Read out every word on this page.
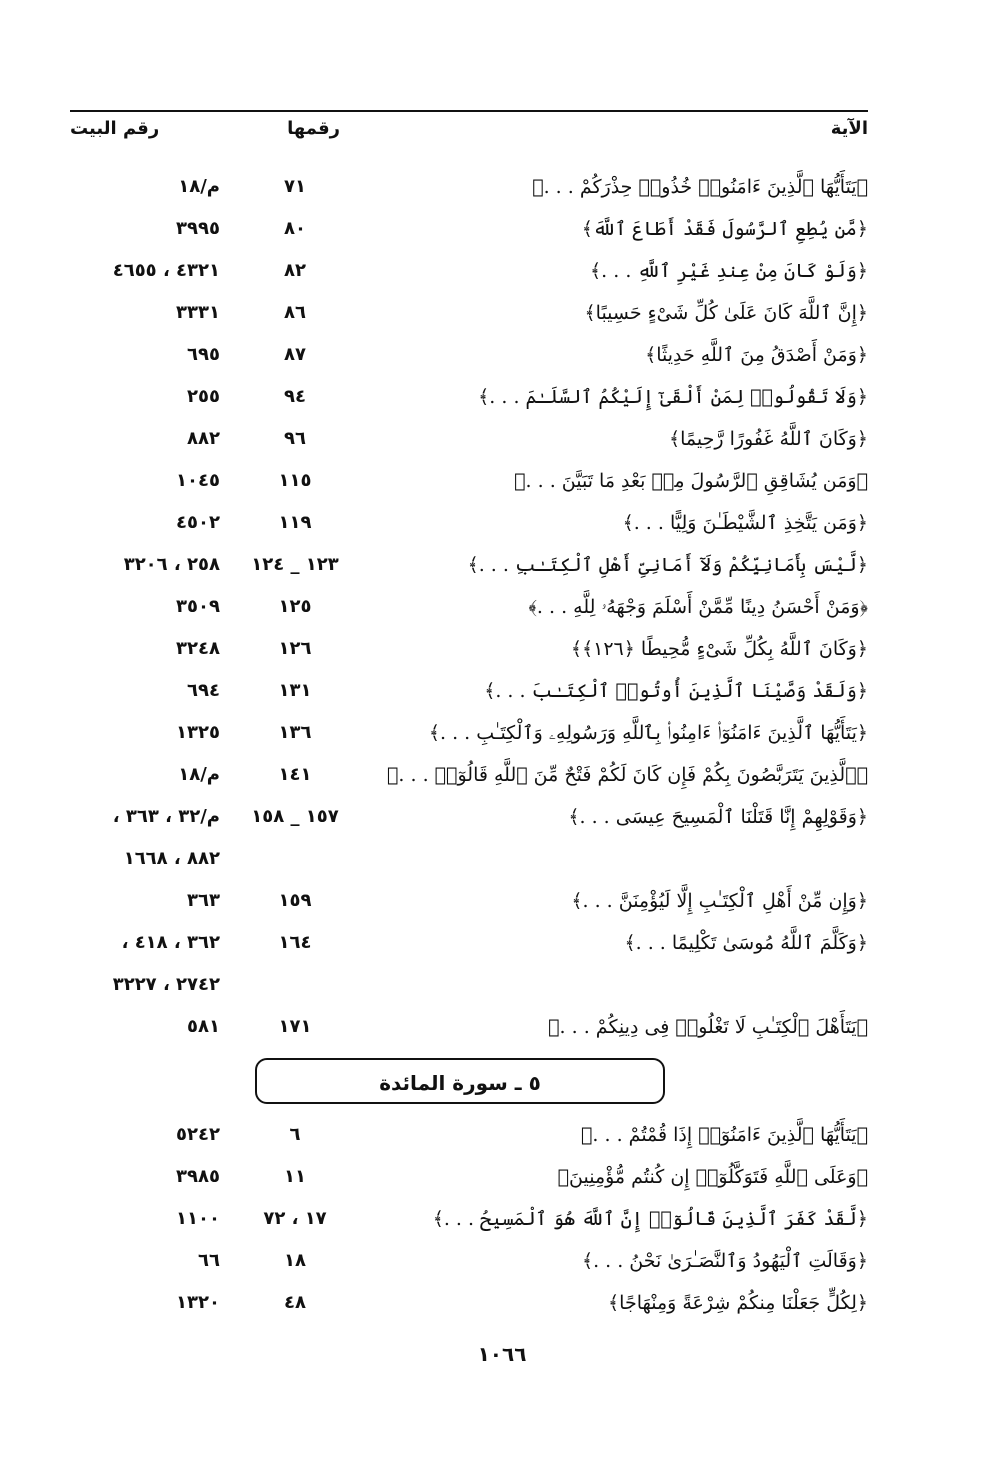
الآية
رقمها
رقم البيت
﴿يَتَأَيُّهَا ٱلَّذِينَ ءَامَنُوا۟ خُذُوا۟ حِذْرَكُمْ . . .﴾
٧١
م/١٨
﴿مَّن يُطِعِ ٱلرَّسُولَ فَقَدْ أَطَاعَ ٱللَّهَ﴾
٨٠
٣٩٩٥
﴿وَلَوْ كَانَ مِنْ عِندِ غَيْرِ ٱللَّهِ . . .﴾
٨٢
٤٣٢١ ، ٤٦٥٥
﴿إِنَّ ٱللَّهَ كَانَ عَلَىٰ كُلِّ شَىْءٍ حَسِيبًا﴾
٨٦
٣٣٣١
﴿وَمَنْ أَصْدَقُ مِنَ ٱللَّهِ حَدِيثًا﴾
٨٧
٦٩٥
﴿وَلَا تَقُولُوا۟ لِمَنْ أَلْقَىٰٓ إِلَيْكُمُ ٱلسَّلَـٰمَ . . .﴾
٩٤
٢٥٥
﴿وَكَانَ ٱللَّهُ غَفُورًا رَّحِيمًا﴾
٩٦
٨٨٢
﴿وَمَن يُشَاقِقِ ٱلرَّسُولَ مِنۢ بَعْدِ مَا تَبَيَّنَ . . .﴾
١١٥
١٠٤٥
﴿وَمَن يَتَّخِذِ ٱلشَّيْطَـٰنَ وَلِيًّا . . .﴾
١١٩
٤٥٠٢
﴿لَّيْسَ بِأَمَانِيِّكُمْ وَلَآ أَمَانِىِّ أَهْلِ ٱلْكِتَـٰبِ . . .﴾
١٢٣ _ ١٢٤
٢٥٨ ، ٣٢٠٦
﴿وَمَنْ أَحْسَنُ دِينًا مِّمَّنْ أَسْلَمَ وَجْهَهُۥ لِلَّهِ . . .﴾
١٢٥
٣٥٠٩
﴿وَكَانَ ٱللَّهُ بِكُلِّ شَىْءٍ مُّحِيطًا ﴿١٢٦﴾﴾
١٢٦
٣٢٤٨
﴿وَلَقَدْ وَصَّيْنَا ٱلَّذِينَ أُوتُوا۟ ٱلْكِتَـٰبَ . . .﴾
١٣١
٦٩٤
﴿يَتَأَيُّهَا ٱلَّذِينَ ءَامَنُوٓا۟ ءَامِنُوا۟ بِٱللَّهِ وَرَسُولِهِۦ وَٱلْكِتَـٰبِ . . .﴾
١٣٦
١٣٢٥
﴿ٱلَّذِينَ يَتَرَبَّصُونَ بِكُمْ فَإِن كَانَ لَكُمْ فَتْحٌ مِّنَ ٱللَّهِ قَالُوٓا۟ . . .﴾
١٤١
م/١٨
﴿وَقَوْلِهِمْ إِنَّا قَتَلْنَا ٱلْمَسِيحَ عِيسَى . . .﴾
١٥٧ _ ١٥٨
م/٣٢ ، ٣٦٣ ،
٨٨٢ ، ١٦٦٨
﴿وَإِن مِّنْ أَهْلِ ٱلْكِتَـٰبِ إِلَّا لَيُؤْمِنَنَّ . . .﴾
١٥٩
٣٦٣
﴿وَكَلَّمَ ٱللَّهُ مُوسَىٰ تَكْلِيمًا . . .﴾
١٦٤
٣٦٢ ، ٤١٨ ،
٢٧٤٢ ، ٣٢٢٧
﴿يَتَأَهْلَ ٱلْكِتَـٰبِ لَا تَغْلُوا۟ فِى دِينِكُمْ . . .﴾
١٧١
٥٨١
٥ ـ سورة المائدة
﴿يَتَأَيُّهَا ٱلَّذِينَ ءَامَنُوٓا۟ إِذَا قُمْتُمْ . . .﴾
٦
٥٢٤٢
﴿وَعَلَى ٱللَّهِ فَتَوَكَّلُوٓا۟ إِن كُنتُم مُّؤْمِنِينَ﴾
١١
٣٩٨٥
﴿لَّقَدْ كَفَرَ ٱلَّذِينَ قَالُوٓا۟ إِنَّ ٱللَّهَ هُوَ ٱلْمَسِيحُ . . .﴾
١٧ ، ٧٢
١١٠٠
﴿وَقَالَتِ ٱلْيَهُودُ وَٱلنَّصَـٰرَىٰ نَحْنُ . . .﴾
١٨
٦٦
﴿لِكُلٍّ جَعَلْنَا مِنكُمْ شِرْعَةً وَمِنْهَاجًا﴾
٤٨
١٣٢٠
١٠٦٦
